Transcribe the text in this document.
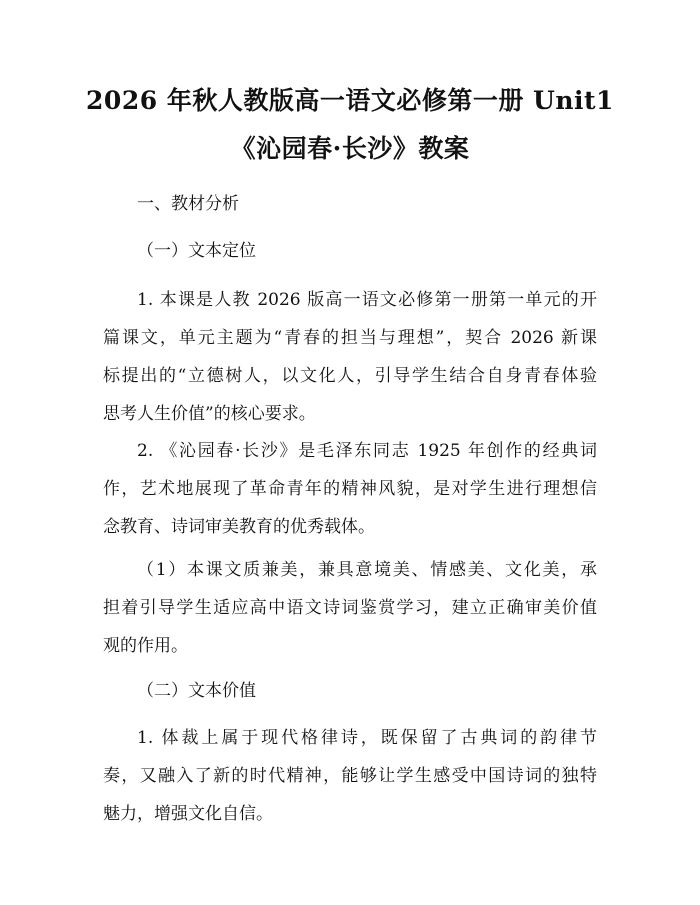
2026 年秋人教版高一语文必修第一册 Unit1
《沁园春·长沙》教案
一、教材分析
（一）文本定位
1. 本课是人教 2026 版高一语文必修第一册第一单元的开
篇课文，单元主题为“青春的担当与理想”，契合 2026 新课
标提出的“立德树人，以文化人，引导学生结合自身青春体验
思考人生价值”的核心要求。
2. 《沁园春·长沙》是毛泽东同志 1925 年创作的经典词
作，艺术地展现了革命青年的精神风貌，是对学生进行理想信
念教育、诗词审美教育的优秀载体。
（1）本课文质兼美，兼具意境美、情感美、文化美，承
担着引导学生适应高中语文诗词鉴赏学习，建立正确审美价值
观的作用。
（二）文本价值
1. 体裁上属于现代格律诗，既保留了古典词的韵律节
奏，又融入了新的时代精神，能够让学生感受中国诗词的独特
魅力，增强文化自信。
